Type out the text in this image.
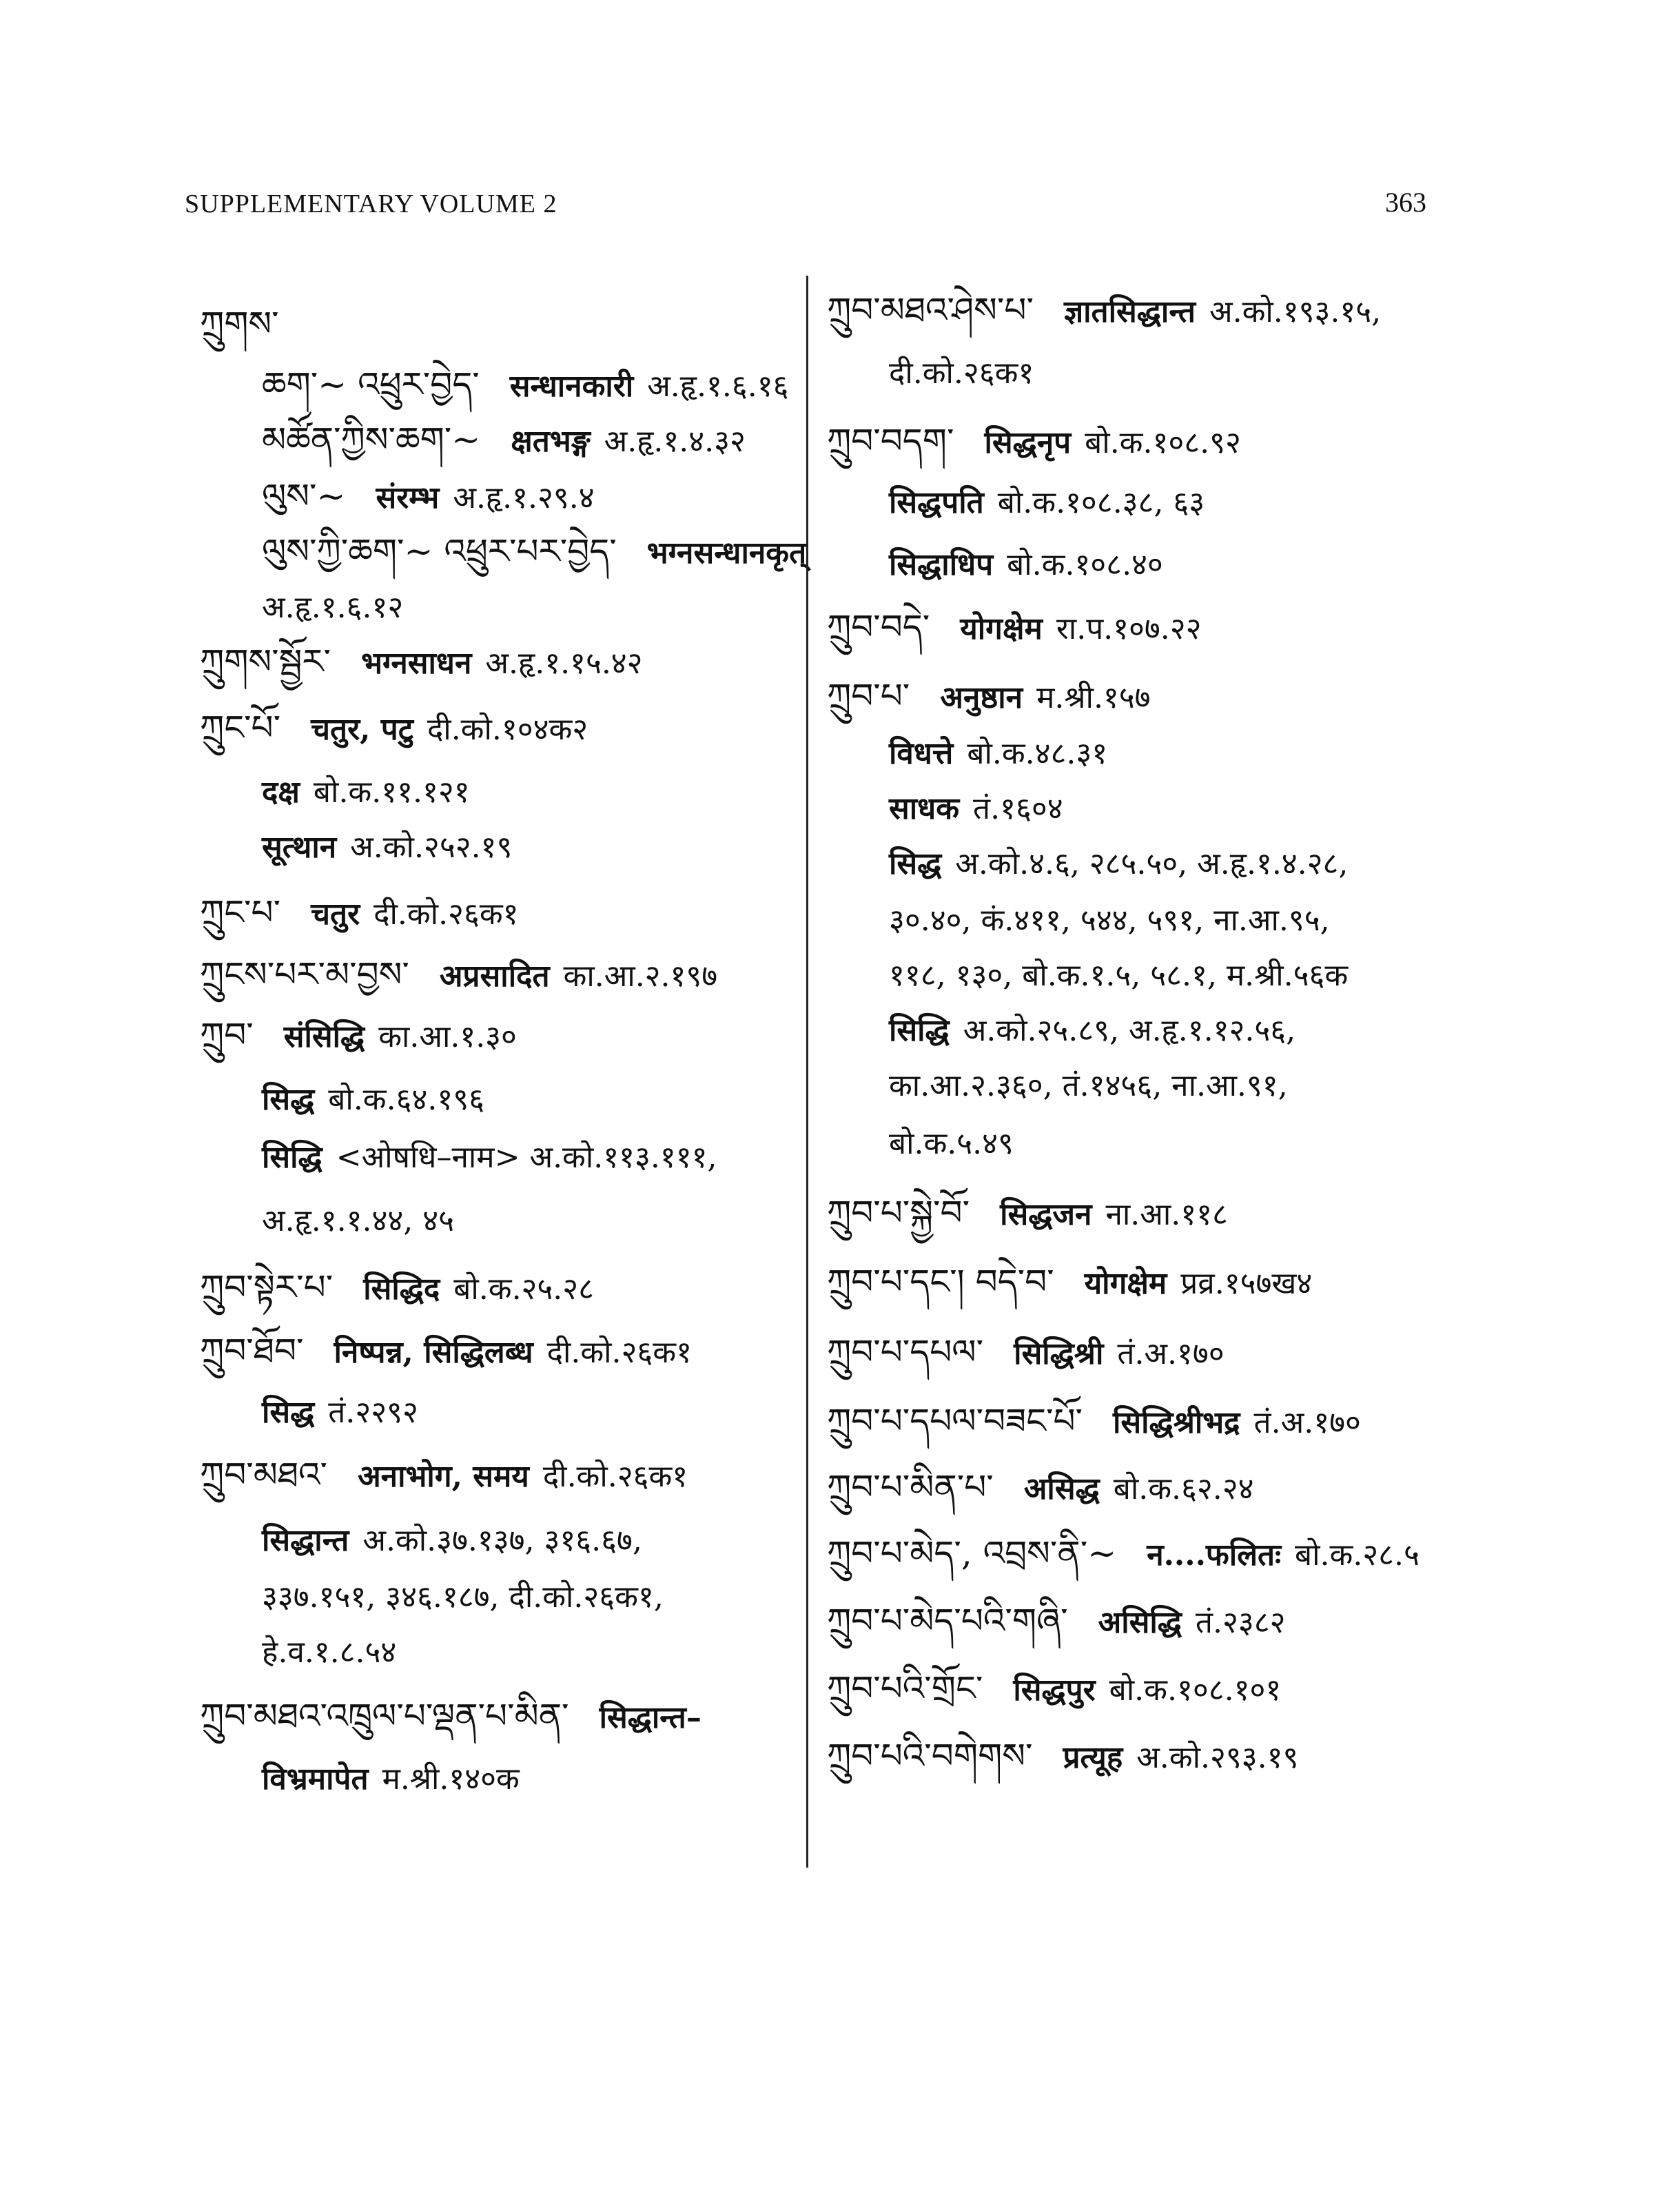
SUPPLEMENTARY VOLUME 2	363
ཀྲུགས་
ཆག་~ འཕྲུར་བྱེད་ सन्धानकारी अ.हृ.१.६.१६
མཚོན་ཀྱིས་ཆག་~ क्षतभङ्ग अ.हृ.१.४.३२
ལུས་~ संरम्भ अ.हृ.१.२९.४
ལུས་ཀྱི་ཆག་~ འཕྲུར་པར་བྱེད་ भग्नसन्धानकृत्
अ.हृ.१.६.१२
ཀྲུགས་སྦྱོར་ भग्नसाधन अ.हृ.१.१५.४२
ཀྲུང་པོ་ चतुर, पटु दी.को.१०४क२
दक्ष बो.क.११.१२१
सूत्थान अ.को.२५२.१९
ཀྲུང་པ་ चतुर दी.को.२६क१
ཀྲུངས་པར་མ་བྱས་ अप्रसादित का.आ.२.१९७
ཀྲུབ་ संसिद्धि का.आ.१.३०
सिद्ध बो.क.६४.१९६
सिद्धि <ओषधि–नाम> अ.को.११३.१११,
अ.हृ.१.१.४४, ४५
ཀྲུབ་སྟེར་པ་ सिद्धिद बो.क.२५.२८
ཀྲུབ་ཐོབ་ निष्पन्न, सिद्धिलब्ध दी.को.२६क१
सिद्ध तं.२२९२
ཀྲུབ་མཐའ་ अनाभोग, समय दी.को.२६क१
सिद्धान्त अ.को.३७.१३७, ३१६.६७,
३३७.१५१, ३४६.१८७, दी.को.२६क१,
हे.व.१.८.५४
ཀྲུབ་མཐའ་འཁྲུལ་པ་ལྡན་པ་མིན་ सिद्धान्त–
विभ्रमापेत म.श्री.१४०क
ཀྲུབ་མཐའ་ཤེས་པ་ ज्ञातसिद्धान्त अ.को.१९३.१५,
दी.को.२६क१
ཀྲུབ་བདག་ सिद्धनृप बो.क.१०८.९२
सिद्धपति बो.क.१०८.३८, ६३
सिद्धाधिप बो.क.१०८.४०
ཀྲུབ་བདེ་ योगक्षेम रा.प.१०७.२२
ཀྲུབ་པ་ अनुष्ठान म.श्री.१५७
विधत्ते बो.क.४८.३१
साधक तं.१६०४
सिद्ध अ.को.४.६, २८५.५०, अ.हृ.१.४.२८,
३०.४०, कं.४११, ५४४, ५९१, ना.आ.९५,
११८, १३०, बो.क.१.५, ५८.१, म.श्री.५६क
सिद्धि अ.को.२५.८९, अ.हृ.१.१२.५६,
का.आ.२.३६०, तं.१४५६, ना.आ.९१,
बो.क.५.४९
ཀྲུབ་པ་སྐྱེ་བོ་ सिद्धजन ना.आ.११८
ཀྲུབ་པ་དང་། བདེ་བ་ योगक्षेम प्रव्र.१५७ख४
ཀྲུབ་པ་དཔལ་ सिद्धिश्री तं.अ.१७०
ཀྲུབ་པ་དཔལ་བཟང་པོ་ सिद्धिश्रीभद्र तं.अ.१७०
ཀྲུབ་པ་མིན་པ་ असिद्ध बो.क.६२.२४
ཀྲུབ་པ་མེད་, འབྲས་ནི་~ न....फलितः बो.क.२८.५
ཀྲུབ་པ་མེད་པའི་གཞི་ असिद्धि तं.२३८२
ཀྲུབ་པའི་གྲོང་ सिद्धपुर बो.क.१०८.१०१
ཀྲུབ་པའི་བགེགས་ प्रत्यूह अ.को.२९३.१९
